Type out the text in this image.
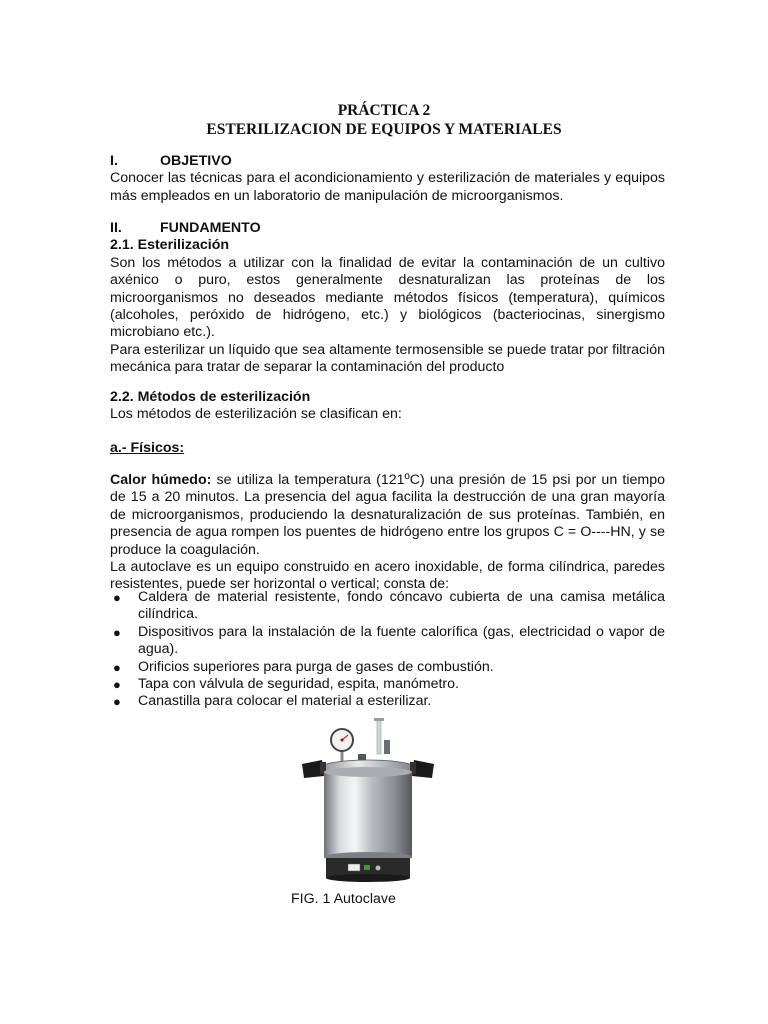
PRÁCTICA 2
ESTERILIZACION DE EQUIPOS Y MATERIALES
I.	OBJETIVO

Conocer las técnicas para el acondicionamiento y esterilización de materiales y equipos más empleados en un laboratorio de manipulación de microorganismos.

II.	FUNDAMENTO
2.1. Esterilización

Son los métodos a utilizar con la finalidad de evitar la contaminación de un cultivo axénico o puro, estos generalmente desnaturalizan las proteínas de los microorganismos no deseados mediante métodos físicos (temperatura), químicos (alcoholes, peróxido de hidrógeno, etc.) y biológicos (bacteriocinas, sinergismo microbiano etc.).

Para esterilizar un líquido que sea altamente termosensible se puede tratar por filtración mecánica para tratar de separar la contaminación del producto

2.2. Métodos de esterilización

Los métodos de esterilización se clasifican en:

a.- Físicos:

Calor húmedo: se utiliza la temperatura (121ºC) una presión de 15 psi por un tiempo de 15 a 20 minutos. La presencia del agua facilita la destrucción de una gran mayoría de microorganismos, produciendo la desnaturalización de sus proteínas. También, en presencia de agua rompen los puentes de hidrógeno entre los grupos C = O----HN, y se produce la coagulación.

La autoclave es un equipo construido en acero inoxidable, de forma cilíndrica, paredes resistentes, puede ser horizontal o vertical; consta de:

● Caldera de material resistente, fondo cóncavo cubierta de una camisa metálica cilíndrica.
● Dispositivos para la instalación de la fuente calorífica (gas, electricidad o vapor de agua).
● Orificios superiores para purga de gases de combustión.
● Tapa con válvula de seguridad, espita, manómetro.
● Canastilla para colocar el material a esterilizar.
FIG. 1 Autoclave
